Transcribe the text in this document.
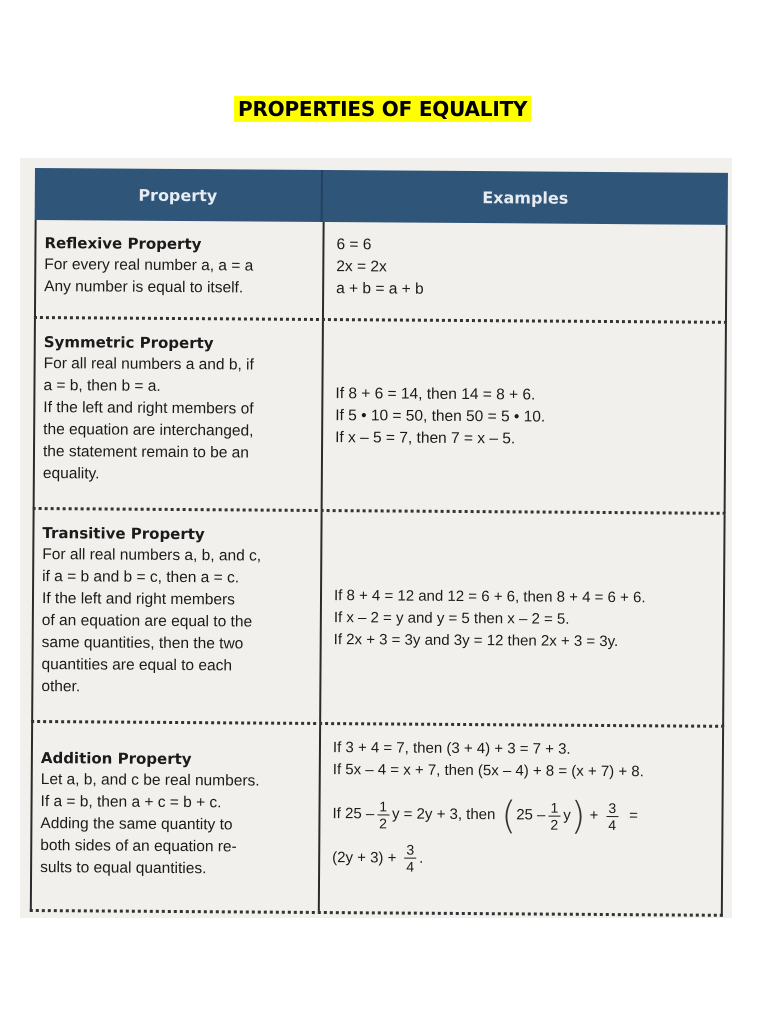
PROPERTIES OF EQUALITY
Property	Examples
Reflexive Property
For every real number a, a = a
Any number is equal to itself.
6 = 6
2x = 2x
a + b = a + b
Symmetric Property
For all real numbers a and b, if
a = b, then b = a.
If the left and right members of
the equation are interchanged,
the statement remain to be an
equality.
If 8 + 6 = 14, then 14 = 8 + 6.
If 5 • 10 = 50, then 50 = 5 • 10.
If x – 5 = 7, then 7 = x – 5.
Transitive Property
For all real numbers a, b, and c,
if a = b and b = c, then a = c.
If the left and right members
of an equation are equal to the
same quantities, then the two
quantities are equal to each
other.
If 8 + 4 = 12 and 12 = 6 + 6, then 8 + 4 = 6 + 6.
If x – 2 = y and y = 5 then x – 2 = 5.
If 2x + 3 = 3y and 3y = 12 then 2x + 3 = 3y.
Addition Property
Let a, b, and c be real numbers.
If a = b, then a + c = b + c.
Adding the same quantity to
both sides of an equation re-
sults to equal quantities.
If 3 + 4 = 7, then (3 + 4) + 3 = 7 + 3.
If 5x – 4 = x + 7, then (5x – 4) + 8 = (x + 7) + 8.
If $25 - \frac{1}{2}$ y = 2y + 3, then ( $25 - \frac{1}{2}$ y ) + $\frac{3}{4}$ =
$(2y + 3) + \frac{3}{4}$ .
